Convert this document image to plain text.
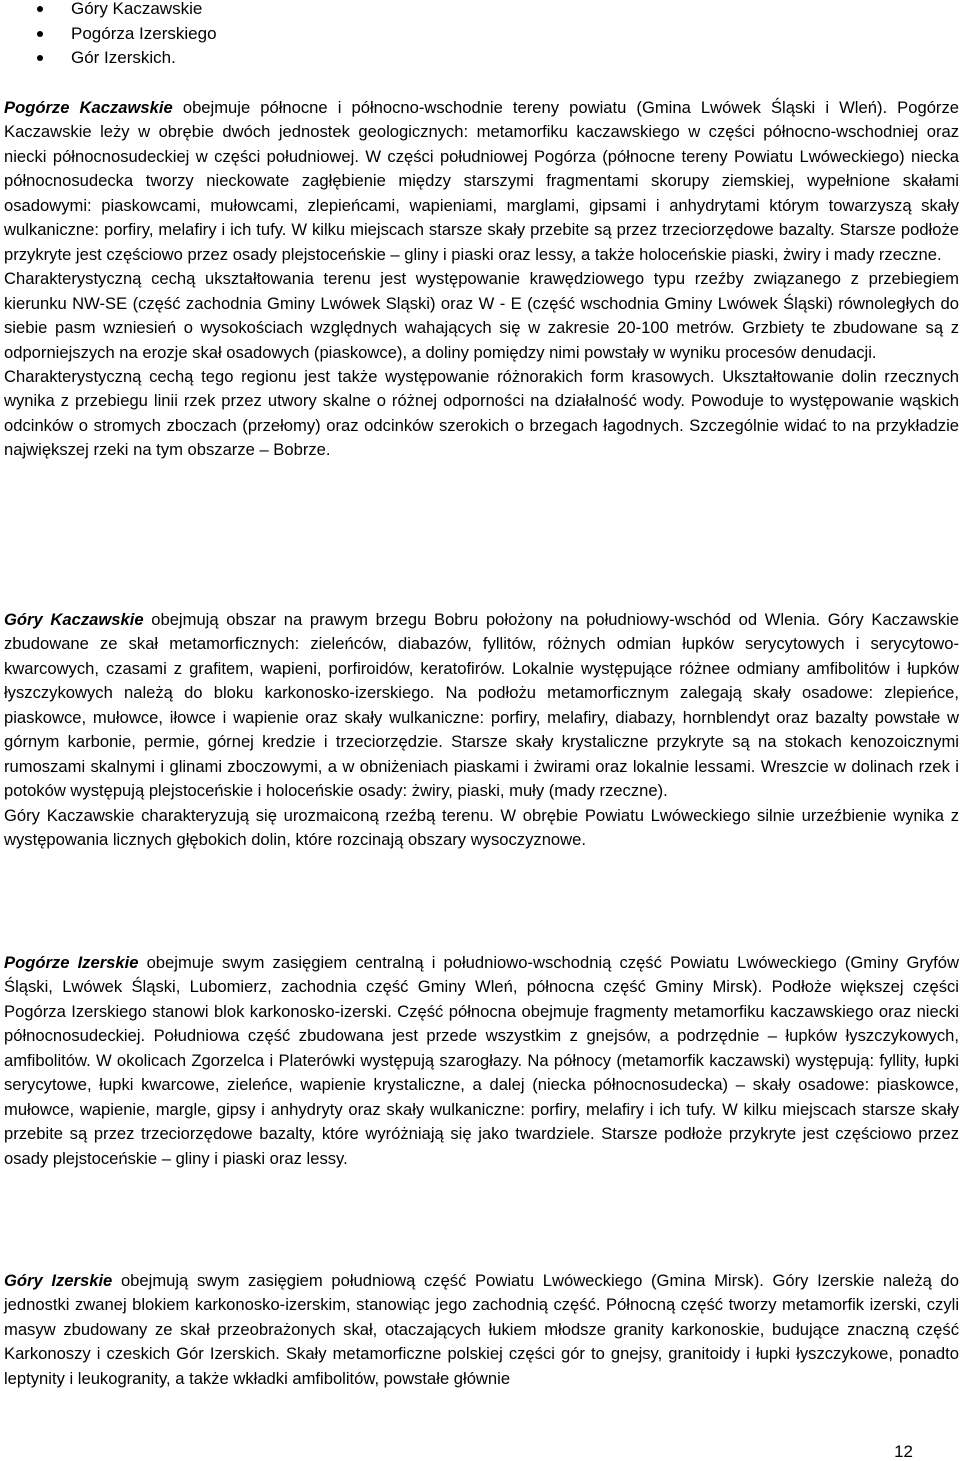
Góry Kaczawskie
Pogórza Izerskiego
Gór Izerskich.

Pogórze Kaczawskie obejmuje północne i północno-wschodnie tereny powiatu (Gmina Lwówek Śląski i Wleń). Pogórze Kaczawskie leży w obrębie dwóch jednostek geologicznych: metamorfiku kaczawskiego w części północno-wschodniej oraz niecki północnosudeckiej w części południowej. W części południowej Pogórza (północne tereny Powiatu Lwóweckiego) niecka północnosudecka tworzy nieckowate zagłębienie między starszymi fragmentami skorupy ziemskiej, wypełnione skałami osadowymi: piaskowcami, mułowcami, zlepieńcami, wapieniami, marglami, gipsami i anhydrytami którym towarzyszą skały wulkaniczne: porfiry, melafiry i ich tufy. W kilku miejscach starsze skały przebite są przez trzeciorzędowe bazalty. Starsze podłoże przykryte jest częściowo przez osady plejstoceńskie – gliny i piaski oraz lessy, a także holoceńskie piaski, żwiry i mady rzeczne.

Charakterystyczną cechą ukształtowania terenu jest występowanie krawędziowego typu rzeźby związanego z przebiegiem kierunku NW-SE (część zachodnia Gminy Lwówek Sląski) oraz W - E (część wschodnia Gminy Lwówek Śląski) równoległych do siebie pasm wzniesień o wysokościach względnych wahających się w zakresie 20-100 metrów. Grzbiety te zbudowane są z odporniejszych na erozje skał osadowych (piaskowce), a doliny pomiędzy nimi powstały w wyniku procesów denudacji.

Charakterystyczną cechą tego regionu jest także występowanie różnorakich form krasowych. Ukształtowanie dolin rzecznych wynika z przebiegu linii rzek przez utwory skalne o różnej odporności na działalność wody. Powoduje to występowanie wąskich odcinków o stromych zboczach (przełomy) oraz odcinków szerokich o brzegach łagodnych. Szczególnie widać to na przykładzie największej rzeki na tym obszarze – Bobrze.

Góry Kaczawskie obejmują obszar na prawym brzegu Bobru położony na południowy-wschód od Wlenia. Góry Kaczawskie zbudowane ze skał metamorficznych: zieleńców, diabazów, fyllitów, różnych odmian łupków serycytowych i serycytowo-kwarcowych, czasami z grafitem, wapieni, porfiroidów, keratofirów. Lokalnie występujące różnee odmiany amfibolitów i łupków łyszczykowych należą do bloku karkonosko-izerskiego. Na podłożu metamorficznym zalegają skały osadowe: zlepieńce, piaskowce, mułowce, iłowce i wapienie oraz skały wulkaniczne: porfiry, melafiry, diabazy, hornblendyt oraz bazalty powstałe w górnym karbonie, permie, górnej kredzie i trzeciorzędzie. Starsze skały krystaliczne przykryte są na stokach kenozoicznymi rumoszami skalnymi i glinami zboczowymi, a w obniżeniach piaskami i żwirami oraz lokalnie lessami. Wreszcie w dolinach rzek i potoków występują plejstoceńskie i holoceńskie osady: żwiry, piaski, muły (mady rzeczne).

Góry Kaczawskie charakteryzują się urozmaiconą rzeźbą terenu. W obrębie Powiatu Lwóweckiego silnie urzeźbienie wynika z występowania licznych głębokich dolin, które rozcinają obszary wysoczyznowe.

Pogórze Izerskie obejmuje swym zasięgiem centralną i południowo-wschodnią część Powiatu Lwóweckiego (Gminy Gryfów Śląski, Lwówek Śląski, Lubomierz, zachodnia część Gminy Wleń, północna część Gminy Mirsk). Podłoże większej części Pogórza Izerskiego stanowi blok karkonosko-izerski. Część północna obejmuje fragmenty metamorfiku kaczawskiego oraz niecki północnosudeckiej. Południowa część zbudowana jest przede wszystkim z gnejsów, a podrzędnie – łupków łyszczykowych, amfibolitów. W okolicach Zgorzelca i Platerówki występują szarogłazy. Na północy (metamorfik kaczawski) występują: fyllity, łupki serycytowe, łupki kwarcowe, zieleńce, wapienie krystaliczne, a dalej (niecka północnosudecka) – skały osadowe: piaskowce, mułowce, wapienie, margle, gipsy i anhydryty oraz skały wulkaniczne: porfiry, melafiry i ich tufy. W kilku miejscach starsze skały przebite są przez trzeciorzędowe bazalty, które wyróżniają się jako twardziele. Starsze podłoże przykryte jest częściowo przez osady plejstoceńskie – gliny i piaski oraz lessy.

Góry Izerskie obejmują swym zasięgiem południową część Powiatu Lwóweckiego (Gmina Mirsk). Góry Izerskie należą do jednostki zwanej blokiem karkonosko-izerskim, stanowiąc jego zachodnią część. Północną część tworzy metamorfik izerski, czyli masyw zbudowany ze skał przeobrażonych skał, otaczających łukiem młodsze granity karkonoskie, budujące znaczną część Karkonoszy i czeskich Gór Izerskich. Skały metamorficzne polskiej części gór to gnejsy, granitoidy i łupki łyszczykowe, ponadto leptynity i leukogranity, a także wkładki amfibolitów, powstałe głównie

12
